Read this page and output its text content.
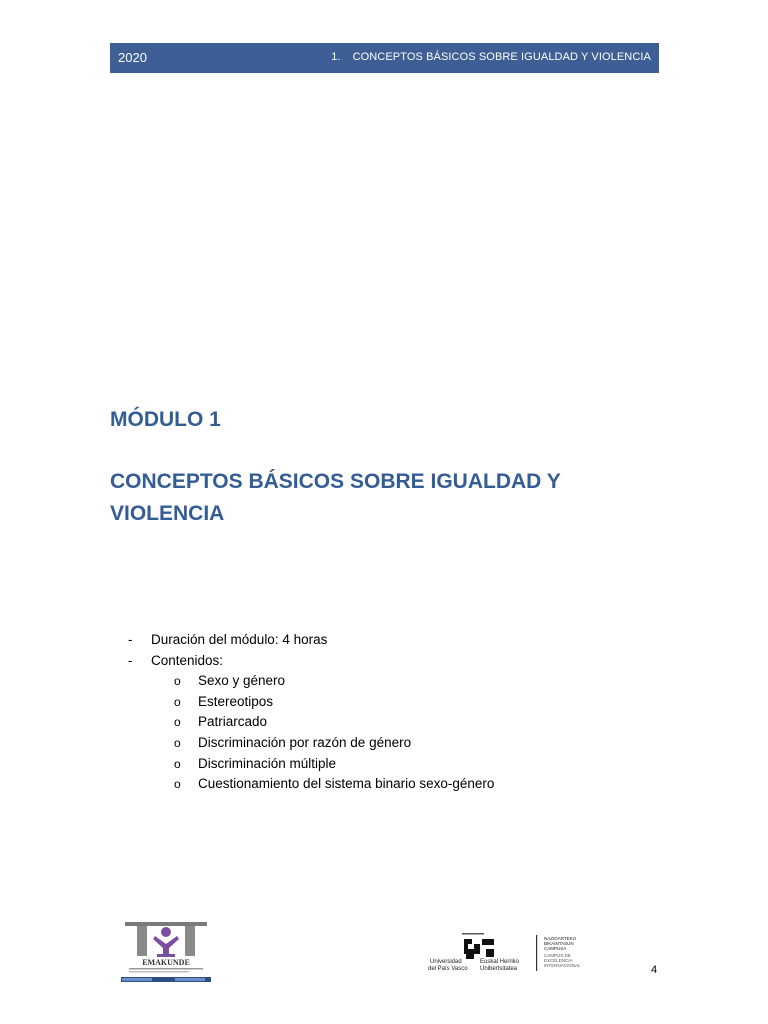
2020	1. CONCEPTOS BÁSICOS SOBRE IGUALDAD Y VIOLENCIA
MÓDULO 1
CONCEPTOS BÁSICOS SOBRE IGUALDAD Y VIOLENCIA
- Duración del módulo: 4 horas
- Contenidos:
o Sexo y género
o Estereotipos
o Patriarcado
o Discriminación por razón de género
o Discriminación múltiple
o Cuestionamiento del sistema binario sexo-género
EMAKUNDE	Universidad
del País Vasco
Euskal Herriko
Unibertsitatea
NAZIOARTEKO
BIKAINTASUN
CAMPUSA
CAMPUS DE
EXCELENCIA
INTERNACIONAL	4
